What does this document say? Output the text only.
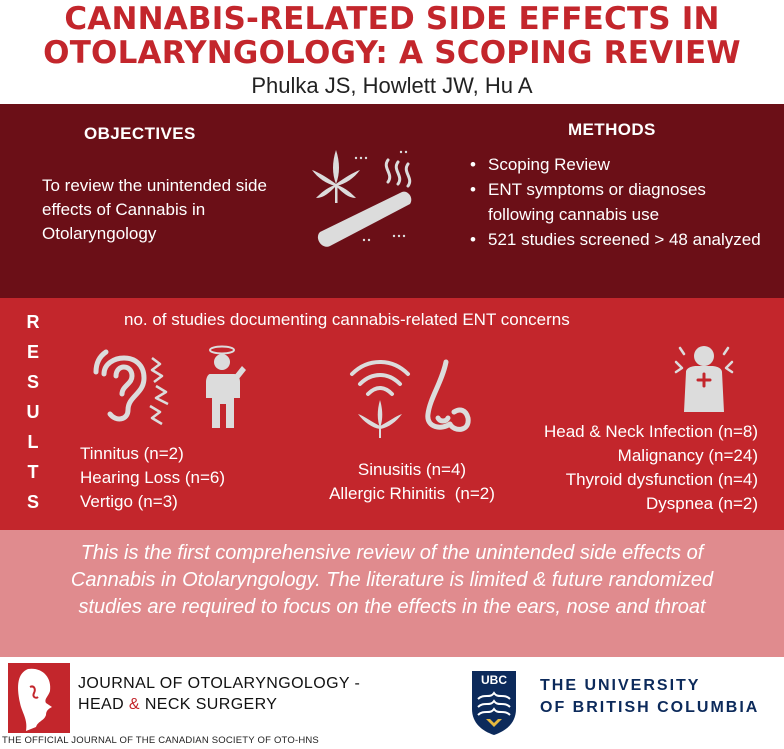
CANNABIS-RELATED SIDE EFFECTS IN
OTOLARYNGOLOGY: A SCOPING REVIEW
Phulka JS, Howlett JW, Hu A
OBJECTIVES
To review the unintended side effects of Cannabis in Otolaryngology
METHODS
• Scoping Review
• ENT symptoms or diagnoses following cannabis use
• 521 studies screened > 48 analyzed
R
E
S
U
L
T
S
no. of studies documenting cannabis-related ENT concerns
Tinnitus (n=2)
Hearing Loss (n=6)
Vertigo (n=3)
Sinusitis (n=4)
Allergic Rhinitis  (n=2)
Head & Neck Infection (n=8)
Malignancy (n=24)
Thyroid dysfunction (n=4)
Dyspnea (n=2)

This is the first comprehensive review of the unintended side effects of Cannabis in Otolaryngology. The literature is limited & future randomized studies are required to focus on the effects in the ears, nose and throat

JOURNAL OF OTOLARYNGOLOGY -
HEAD & NECK SURGERY
THE OFFICIAL JOURNAL OF THE CANADIAN SOCIETY OF OTO-HNS
UBC THE UNIVERSITY
OF BRITISH COLUMBIA
